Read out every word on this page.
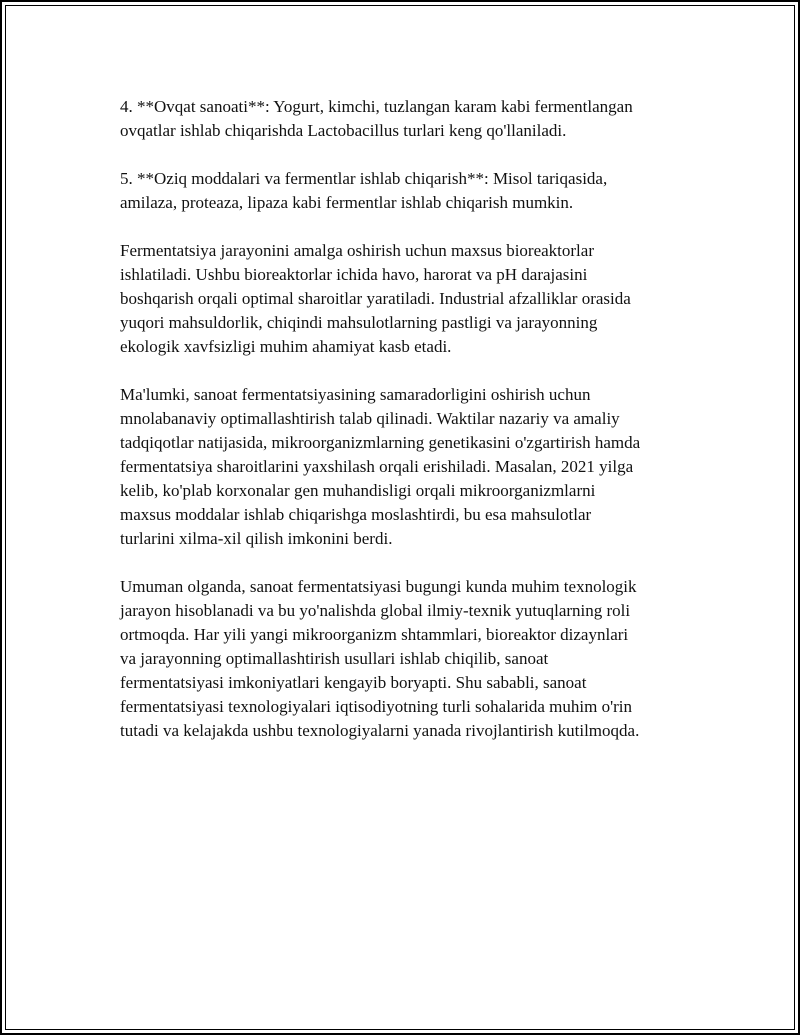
4. **Ovqat sanoati**: Yogurt, kimchi, tuzlangan karam kabi fermentlangan
ovqatlar ishlab chiqarishda Lactobacillus turlari keng qo'llaniladi.
5. **Oziq moddalari va fermentlar ishlab chiqarish**: Misol tariqasida,
amilaza, proteaza, lipaza kabi fermentlar ishlab chiqarish mumkin.
Fermentatsiya jarayonini amalga oshirish uchun maxsus bioreaktorlar
ishlatiladi. Ushbu bioreaktorlar ichida havo, harorat va pH darajasini
boshqarish orqali optimal sharoitlar yaratiladi. Industrial afzalliklar orasida
yuqori mahsuldorlik, chiqindi mahsulotlarning pastligi va jarayonning
ekologik xavfsizligi muhim ahamiyat kasb etadi.
Ma'lumki, sanoat fermentatsiyasining samaradorligini oshirish uchun
mnolabanaviy optimallashtirish talab qilinadi. Waktilar nazariy va amaliy
tadqiqotlar natijasida, mikroorganizmlarning genetikasini o'zgartirish hamda
fermentatsiya sharoitlarini yaxshilash orqali erishiladi. Masalan, 2021 yilga
kelib, ko'plab korxonalar gen muhandisligi orqali mikroorganizmlarni
maxsus moddalar ishlab chiqarishga moslashtirdi, bu esa mahsulotlar
turlarini xilma-xil qilish imkonini berdi.
Umuman olganda, sanoat fermentatsiyasi bugungi kunda muhim texnologik
jarayon hisoblanadi va bu yo'nalishda global ilmiy-texnik yutuqlarning roli
ortmoqda. Har yili yangi mikroorganizm shtammlari, bioreaktor dizaynlari
va jarayonning optimallashtirish usullari ishlab chiqilib, sanoat
fermentatsiyasi imkoniyatlari kengayib boryapti. Shu sababli, sanoat
fermentatsiyasi texnologiyalari iqtisodiyotning turli sohalarida muhim o'rin
tutadi va kelajakda ushbu texnologiyalarni yanada rivojlantirish kutilmoqda.
